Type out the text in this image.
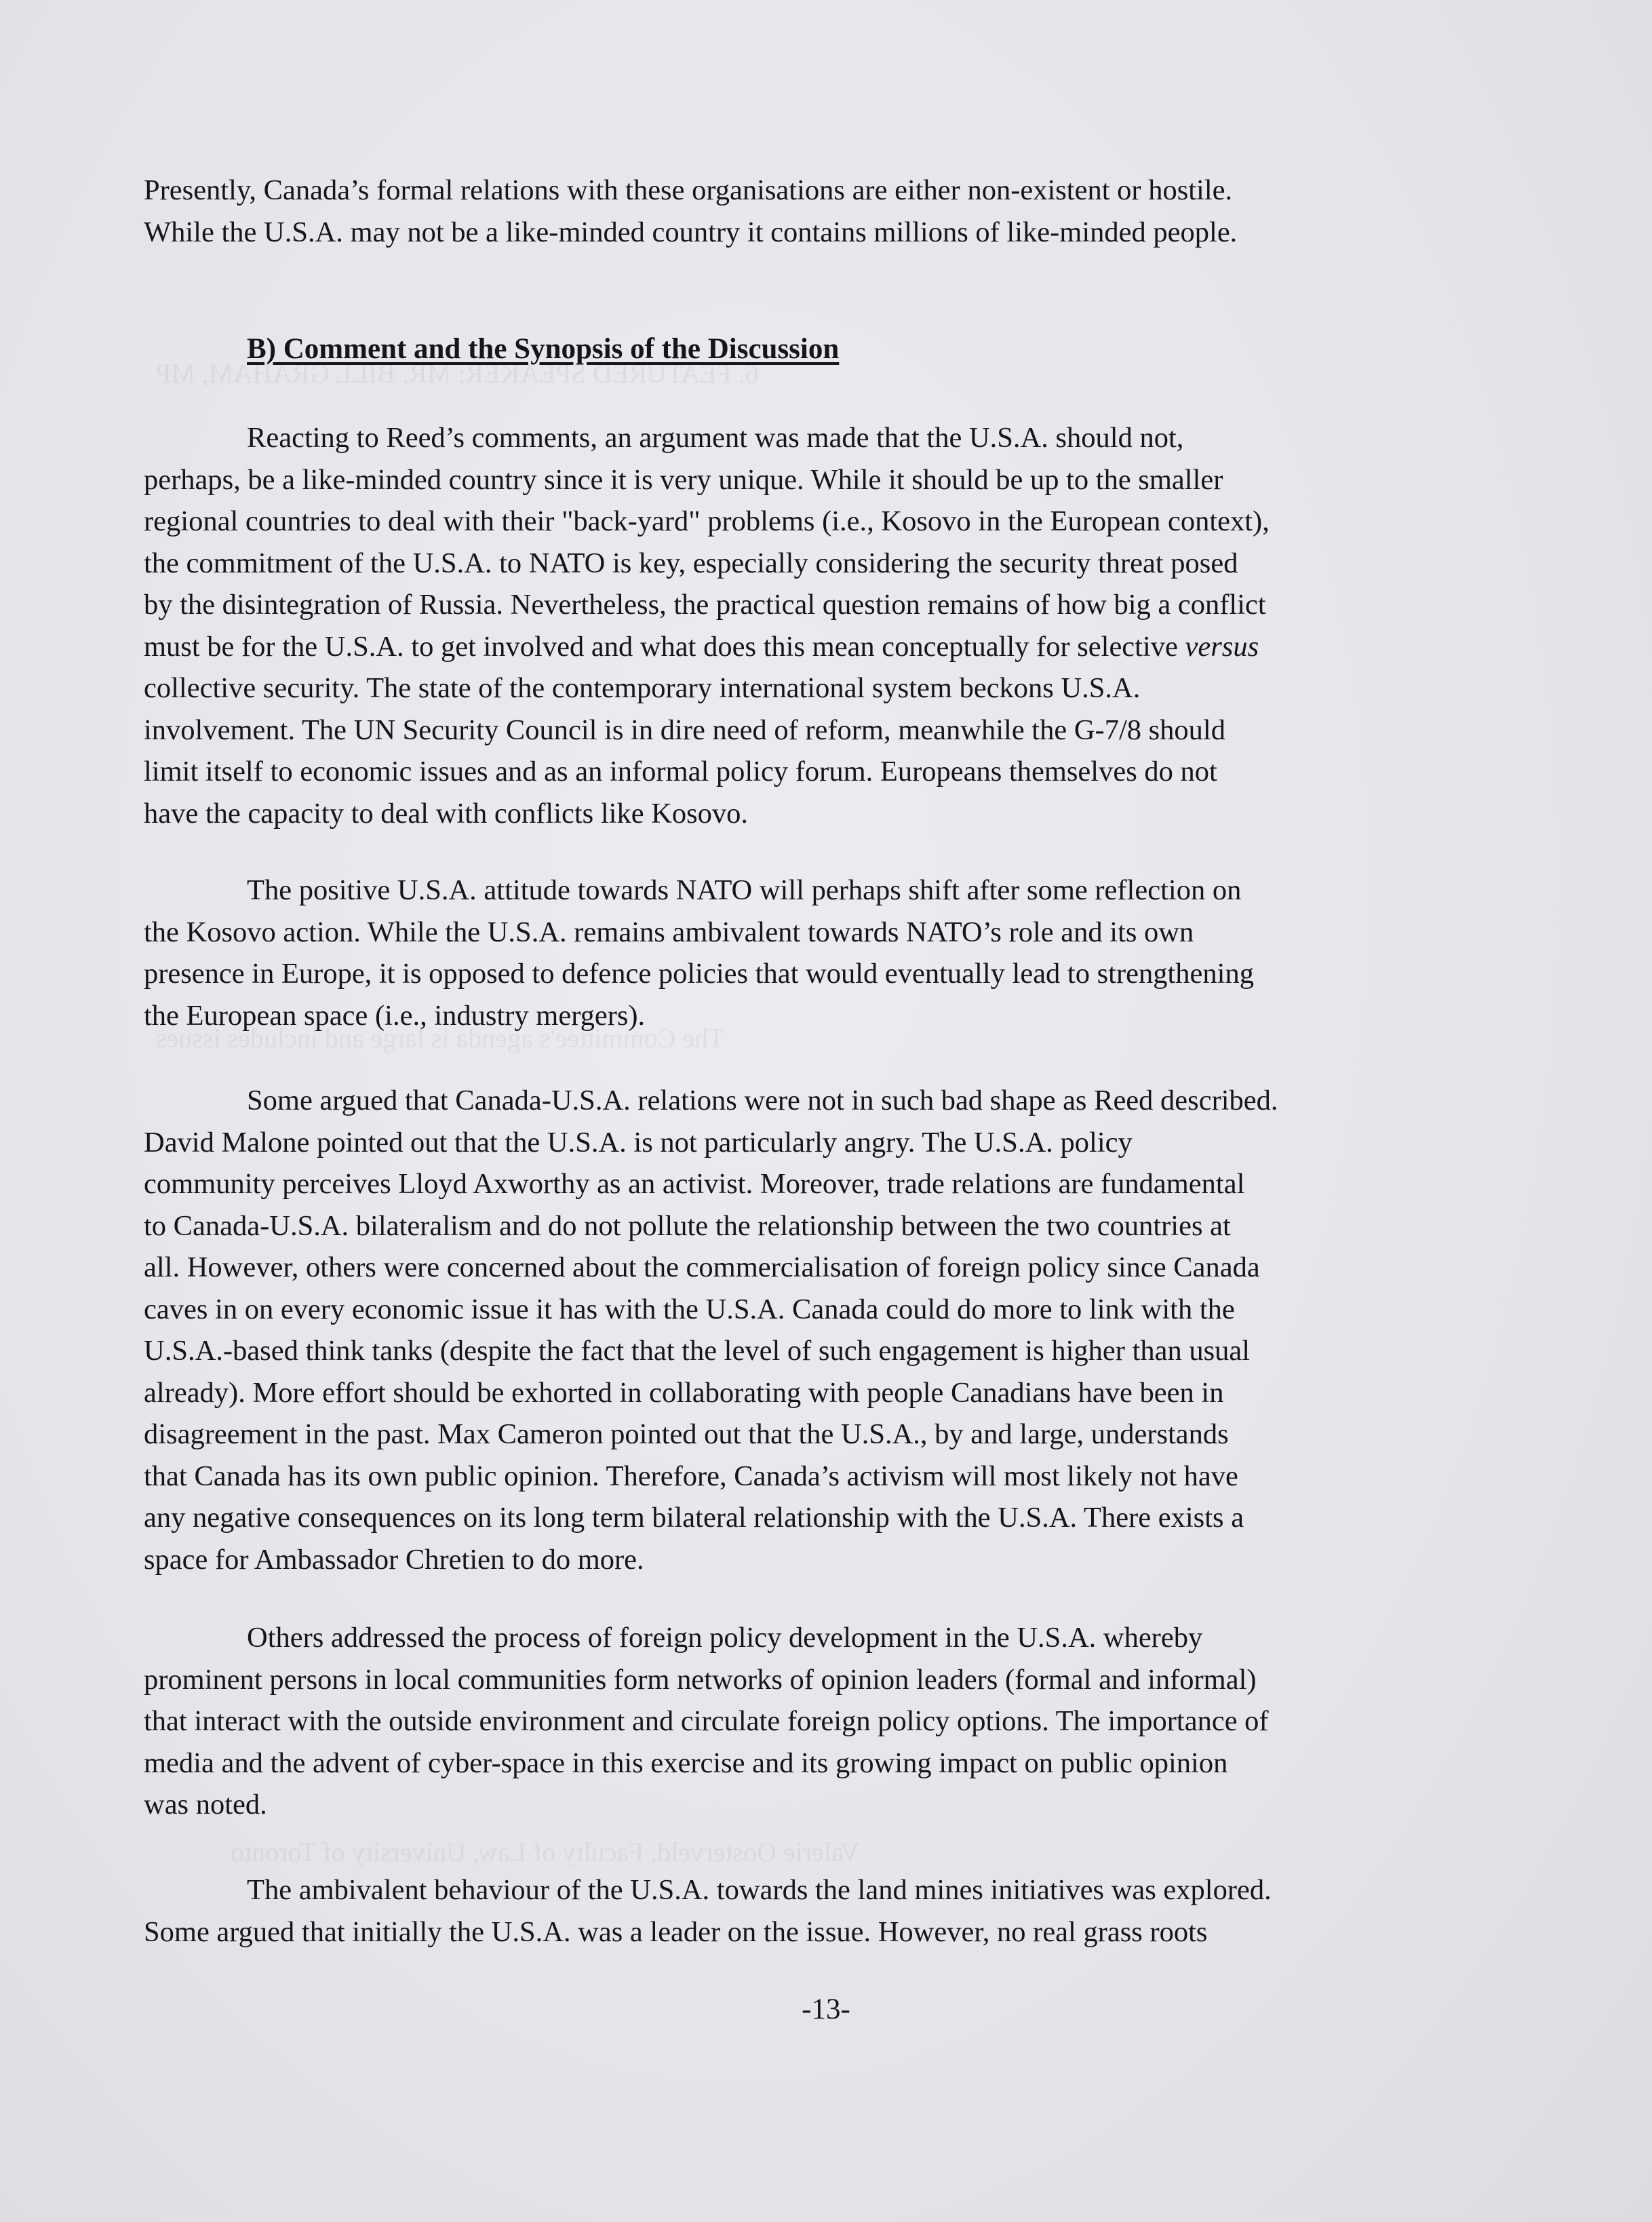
6. FEATURED SPEAKER: MR. BILL GRAHAM, MP
The Committee's agenda is large and includes issues
Valerie Oosterveld, Faculty of Law, University of Toronto

Presently, Canada’s formal relations with these organisations are either non-existent or hostile.
While the U.S.A. may not be a like-minded country it contains millions of like-minded people.

Reacting to Reed’s comments, an argument was made that the U.S.A. should not,
perhaps, be a like-minded country since it is very unique. While it should be up to the smaller
regional countries to deal with their "back-yard" problems (i.e., Kosovo in the European context),
the commitment of the U.S.A. to NATO is key, especially considering the security threat posed
by the disintegration of Russia. Nevertheless, the practical question remains of how big a conflict
must be for the U.S.A. to get involved and what does this mean conceptually for selective versus
collective security. The state of the contemporary international system beckons U.S.A.
involvement. The UN Security Council is in dire need of reform, meanwhile the G-7/8 should
limit itself to economic issues and as an informal policy forum. Europeans themselves do not
have the capacity to deal with conflicts like Kosovo.

The positive U.S.A. attitude towards NATO will perhaps shift after some reflection on
the Kosovo action. While the U.S.A. remains ambivalent towards NATO’s role and its own
presence in Europe, it is opposed to defence policies that would eventually lead to strengthening
the European space (i.e., industry mergers).

Some argued that Canada-U.S.A. relations were not in such bad shape as Reed described.
David Malone pointed out that the U.S.A. is not particularly angry. The U.S.A. policy
community perceives Lloyd Axworthy as an activist. Moreover, trade relations are fundamental
to Canada-U.S.A. bilateralism and do not pollute the relationship between the two countries at
all. However, others were concerned about the commercialisation of foreign policy since Canada
caves in on every economic issue it has with the U.S.A. Canada could do more to link with the
U.S.A.-based think tanks (despite the fact that the level of such engagement is higher than usual
already). More effort should be exhorted in collaborating with people Canadians have been in
disagreement in the past. Max Cameron pointed out that the U.S.A., by and large, understands
that Canada has its own public opinion. Therefore, Canada’s activism will most likely not have
any negative consequences on its long term bilateral relationship with the U.S.A. There exists a
space for Ambassador Chretien to do more.

Others addressed the process of foreign policy development in the U.S.A. whereby
prominent persons in local communities form networks of opinion leaders (formal and informal)
that interact with the outside environment and circulate foreign policy options. The importance of
media and the advent of cyber-space in this exercise and its growing impact on public opinion
was noted.

The ambivalent behaviour of the U.S.A. towards the land mines initiatives was explored.
Some argued that initially the U.S.A. was a leader on the issue. However, no real grass roots

B) Comment and the Synopsis of the Discussion
-13-
